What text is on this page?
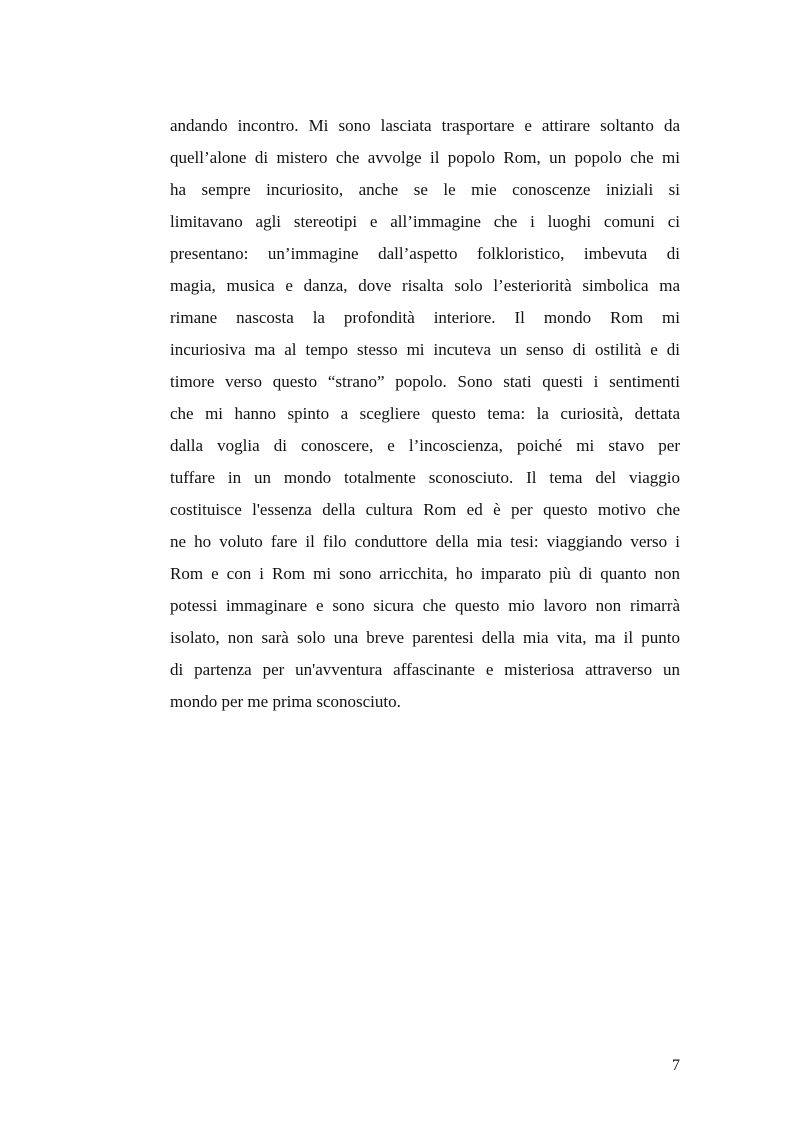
andando incontro. Mi sono lasciata trasportare e attirare soltanto da
quell’alone di mistero che avvolge il popolo Rom, un popolo che mi
ha sempre incuriosito, anche se le mie conoscenze iniziali si
limitavano agli stereotipi e all’immagine che i luoghi comuni ci
presentano: un’immagine dall’aspetto folkloristico, imbevuta di
magia, musica e danza, dove risalta solo l’esteriorità simbolica ma
rimane nascosta la profondità interiore. Il mondo Rom mi
incuriosiva ma al tempo stesso mi incuteva un senso di ostilità e di
timore verso questo “strano” popolo. Sono stati questi i sentimenti
che mi hanno spinto a scegliere questo tema: la curiosità, dettata
dalla voglia di conoscere, e l’incoscienza, poiché mi stavo per
tuffare in un mondo totalmente sconosciuto. Il tema del viaggio
costituisce l'essenza della cultura Rom ed è per questo motivo che
ne ho voluto fare il filo conduttore della mia tesi: viaggiando verso i
Rom e con i Rom mi sono arricchita, ho imparato più di quanto non
potessi immaginare e sono sicura che questo mio lavoro non rimarrà
isolato, non sarà solo una breve parentesi della mia vita, ma il punto
di partenza per un'avventura affascinante e misteriosa attraverso un
mondo per me prima sconosciuto.
7
